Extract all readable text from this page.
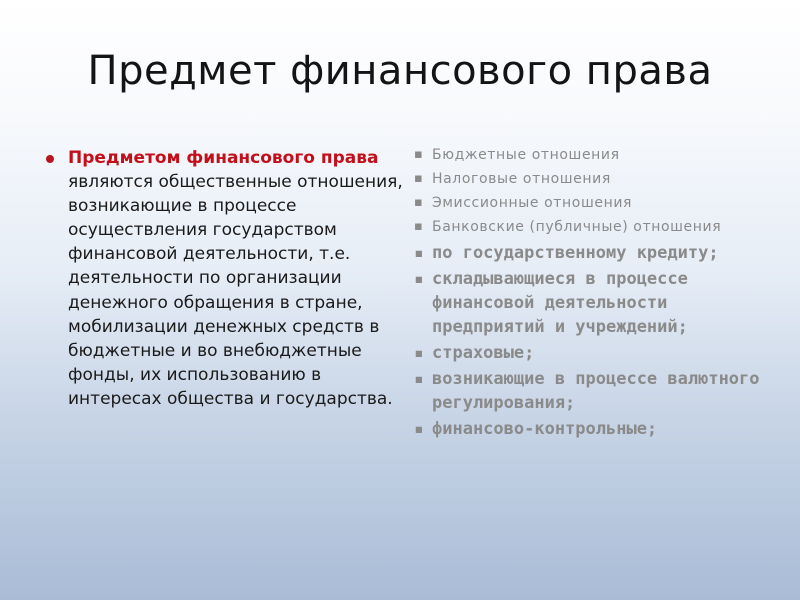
Предмет финансового права
Предметом финансового права являются общественные отношения, возникающие в процессе осуществления государством финансовой деятельности, т.е. деятельности по организации денежного обращения в стране, мобилизации денежных средств в бюджетные и во внебюджетные фонды, их использованию в интересах общества и государства.
▪ Бюджетные отношения
▪ Налоговые отношения
▪ Эмиссионные отношения
▪ Банковские (публичные) отношения
▪ по государственному кредиту;
▪ складывающиеся в процессе финансовой деятельности предприятий и учреждений;
▪ страховые;
▪ возникающие в процессе валютного регулирования;
▪ финансово-контрольные;
